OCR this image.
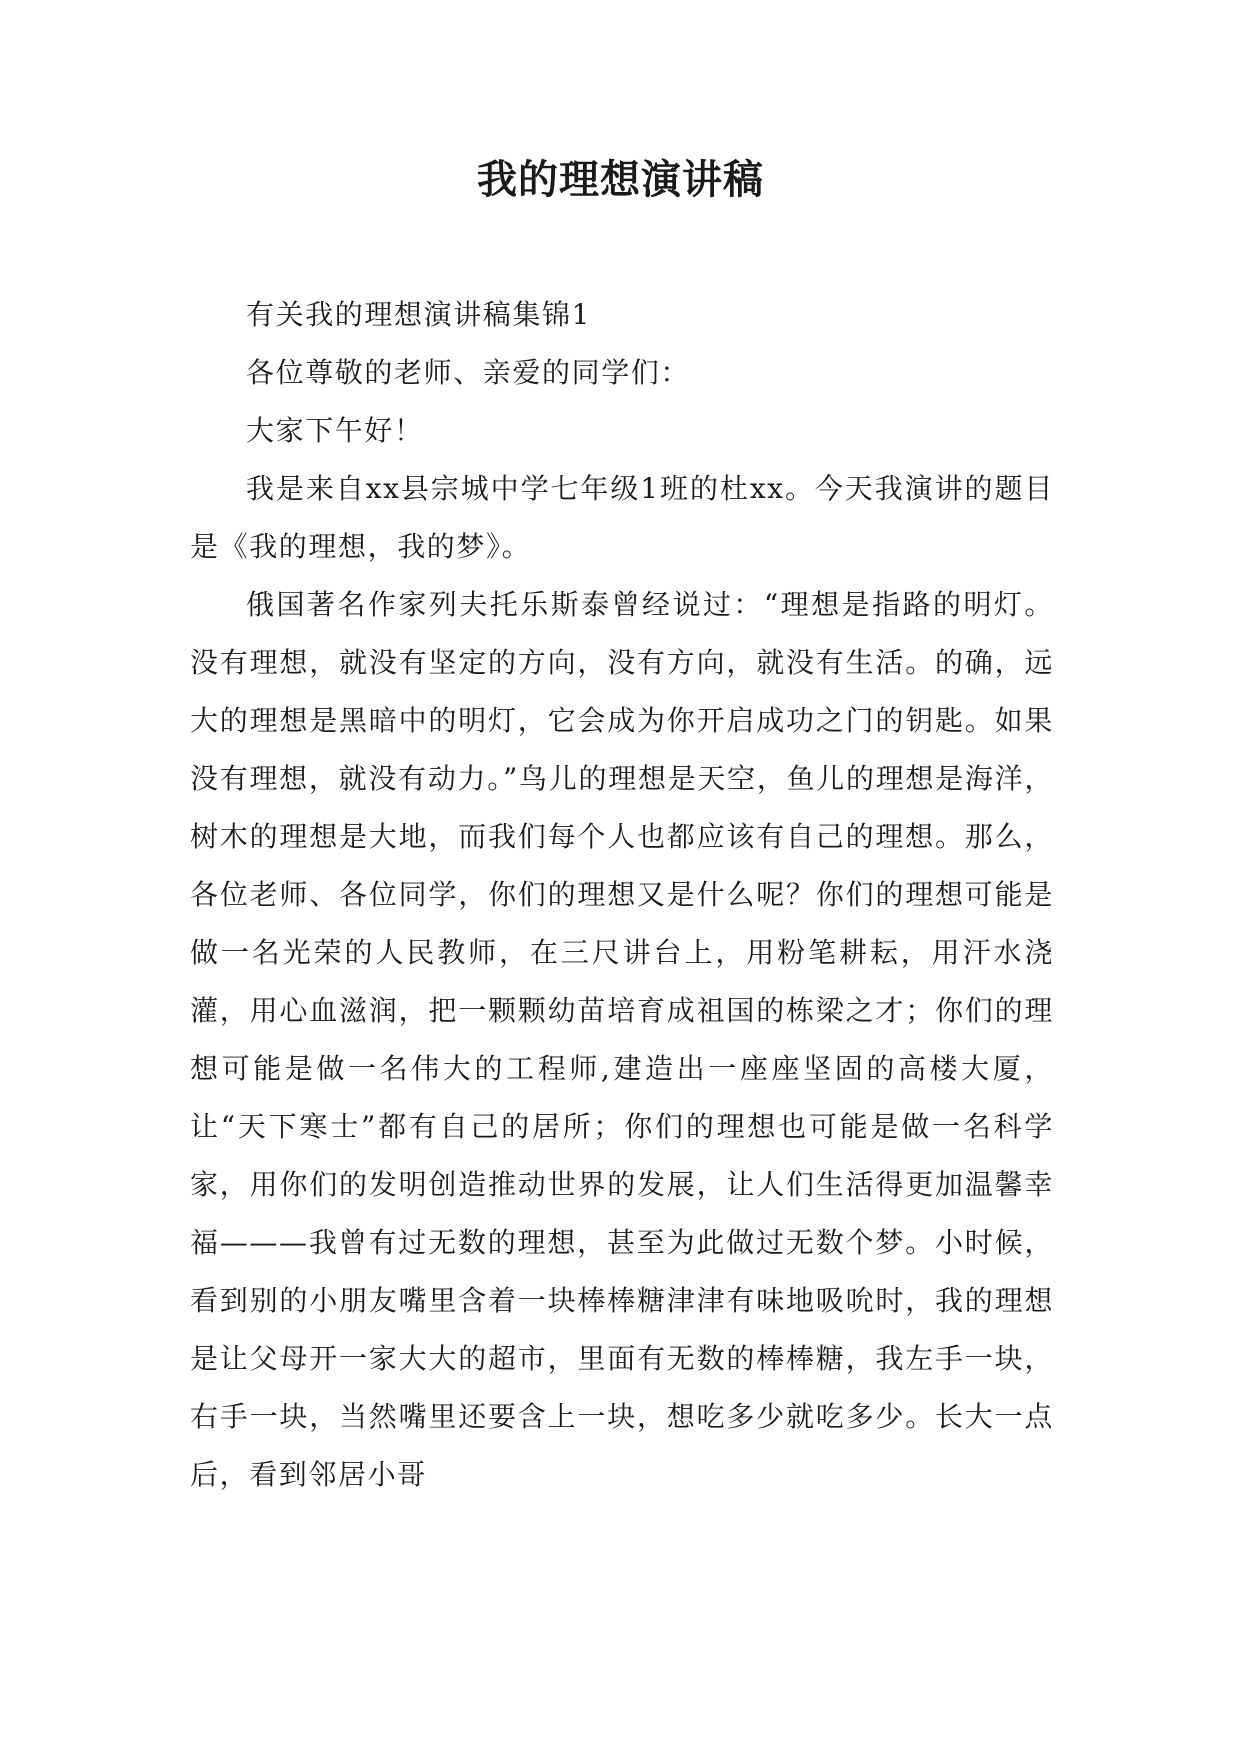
我的理想演讲稿

有关我的理想演讲稿集锦1

各位尊敬的老师、亲爱的同学们：

大家下午好！

我是来自xx县宗城中学七年级1班的杜xx。今天我演讲的题目是《我的理想，我的梦》。

俄国著名作家列夫托乐斯泰曾经说过：“理想是指路的明灯。没有理想，就没有坚定的方向，没有方向，就没有生活。的确，远大的理想是黑暗中的明灯，它会成为你开启成功之门的钥匙。如果没有理想，就没有动力。”鸟儿的理想是天空，鱼儿的理想是海洋，树木的理想是大地，而我们每个人也都应该有自己的理想。那么，各位老师、各位同学，你们的理想又是什么呢？你们的理想可能是做一名光荣的人民教师，在三尺讲台上，用粉笔耕耘，用汗水浇灌，用心血滋润，把一颗颗幼苗培育成祖国的栋梁之才；你们的理想可能是做一名伟大的工程师,建造出一座座坚固的高楼大厦，让“天下寒士”都有自己的居所；你们的理想也可能是做一名科学家，用你们的发明创造推动世界的发展，让人们生活得更加温馨幸福———我曾有过无数的理想，甚至为此做过无数个梦。小时候，看到别的小朋友嘴里含着一块棒棒糖津津有味地吸吮时，我的理想是让父母开一家大大的超市，里面有无数的棒棒糖，我左手一块，右手一块，当然嘴里还要含上一块，想吃多少就吃多少。长大一点后，看到邻居小哥
